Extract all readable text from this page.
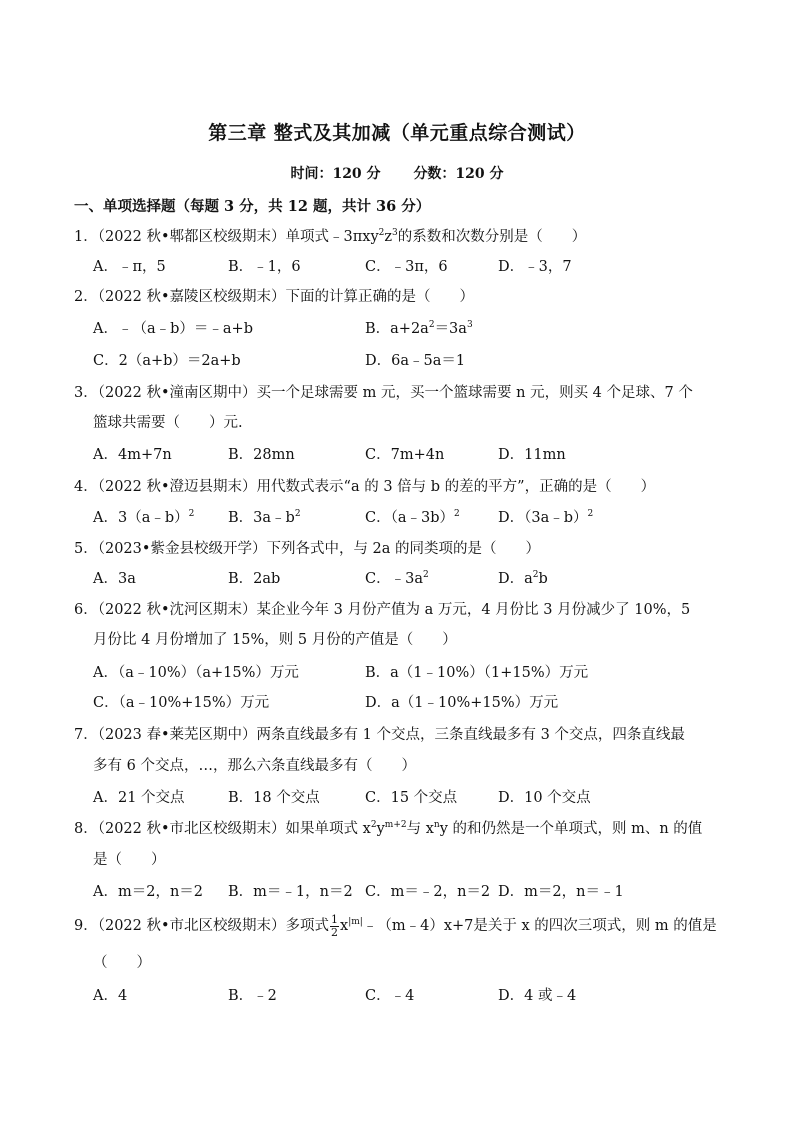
第三章 整式及其加减（单元重点综合测试）
时间：120 分 分数：120 分
一、单项选择题（每题 3 分，共 12 题，共计 36 分）
1．（2022 秋•郫都区校级期末）单项式$﹣3\pi xy^2z^3$的系数和次数分别是（　　）
A．﹣π，5	B．﹣1，6	C．﹣3π，6	D．﹣3，7
2．（2022 秋•嘉陵区校级期末）下面的计算正确的是（　　）
A．﹣（a﹣b）＝﹣a+b	B．$a+2a^2=3a^3$
C．2（a+b）＝2a+b	D．6a﹣5a＝1
3．（2022 秋•潼南区期中）买一个足球需要 m 元，买一个篮球需要 n 元，则买 4 个足球、7 个
篮球共需要（　　）元.
A．4m+7n	B．28mn	C．7m+4n	D．11mn
4．（2022 秋•澄迈县期末）用代数式表示“a 的 3 倍与 b 的差的平方”，正确的是（　　）
A．3（a﹣b）$^2$ B．$3a﹣b^2$	C．（a﹣3b）$^2$	D．（3a﹣b）$^2$
5．（2023•紫金县校级开学）下列各式中，与 2a 的同类项的是（　　）
A．3a	B．2ab	C．$﹣3a^2$	D．$a^2b$
6．（2022 秋•沈河区期末）某企业今年 3 月份产值为 a 万元，4 月份比 3 月份减少了 10%，5
月份比 4 月份增加了 15%，则 5 月份的产值是（　　）
A．（a﹣10%）（a+15%）万元	B．a（1﹣10%）（1+15%）万元
C．（a﹣10%+15%）万元	D．a（1﹣10%+15%）万元
7．（2023 春•莱芜区期中）两条直线最多有 1 个交点，三条直线最多有 3 个交点，四条直线最
多有 6 个交点，…，那么六条直线最多有（　　）
A．21 个交点	B．18 个交点	C．15 个交点	D．10 个交点
8．（2022 秋•市北区校级期末）如果单项式 $x^2y^{m+2}$与 $x^ny$ 的和仍然是一个单项式，则 m、n 的值
是（　　）
A．m＝2，n＝2 B．m＝﹣1，n＝2 C．m＝﹣2，n＝2 D．m＝2，n＝﹣1
9．（2022 秋•市北区校级期末）多项式 $\frac{1}{2}$ $x^{|m|}﹣(m﹣4)x+7$是关于 x 的四次三项式，则 m 的值是
（　　）
A．4	B．﹣2	C．﹣4	D．4 或﹣4
